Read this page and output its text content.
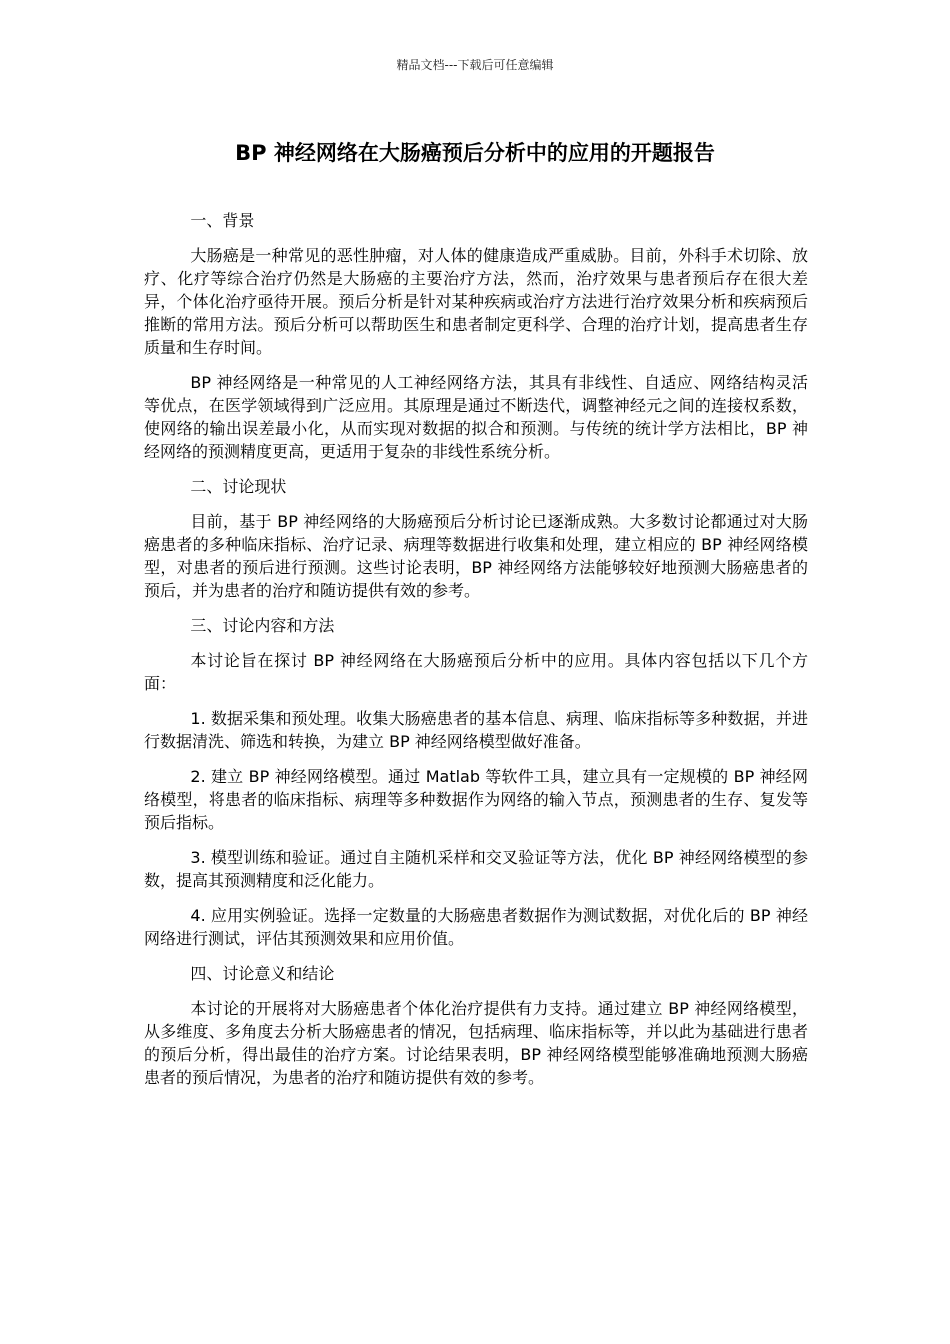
精品文档---下载后可任意编辑
BP 神经网络在大肠癌预后分析中的应用的开题报告
一、背景

大肠癌是一种常见的恶性肿瘤，对人体的健康造成严重威胁。目前，外科手术切除、放疗、化疗等综合治疗仍然是大肠癌的主要治疗方法，然而，治疗效果与患者预后存在很大差异，个体化治疗亟待开展。预后分析是针对某种疾病或治疗方法进行治疗效果分析和疾病预后推断的常用方法。预后分析可以帮助医生和患者制定更科学、合理的治疗计划，提高患者生存质量和生存时间。

BP 神经网络是一种常见的人工神经网络方法，其具有非线性、自适应、网络结构灵活等优点，在医学领域得到广泛应用。其原理是通过不断迭代，调整神经元之间的连接权系数，使网络的输出误差最小化，从而实现对数据的拟合和预测。与传统的统计学方法相比，BP 神经网络的预测精度更高，更适用于复杂的非线性系统分析。

二、讨论现状

目前，基于 BP 神经网络的大肠癌预后分析讨论已逐渐成熟。大多数讨论都通过对大肠癌患者的多种临床指标、治疗记录、病理等数据进行收集和处理，建立相应的 BP 神经网络模型，对患者的预后进行预测。这些讨论表明，BP 神经网络方法能够较好地预测大肠癌患者的预后，并为患者的治疗和随访提供有效的参考。

三、讨论内容和方法

本讨论旨在探讨 BP 神经网络在大肠癌预后分析中的应用。具体内容包括以下几个方面：

1. 数据采集和预处理。收集大肠癌患者的基本信息、病理、临床指标等多种数据，并进行数据清洗、筛选和转换，为建立 BP 神经网络模型做好准备。

2. 建立 BP 神经网络模型。通过 Matlab 等软件工具，建立具有一定规模的 BP 神经网络模型，将患者的临床指标、病理等多种数据作为网络的输入节点，预测患者的生存、复发等预后指标。

3. 模型训练和验证。通过自主随机采样和交叉验证等方法，优化 BP 神经网络模型的参数，提高其预测精度和泛化能力。

4. 应用实例验证。选择一定数量的大肠癌患者数据作为测试数据，对优化后的 BP 神经网络进行测试，评估其预测效果和应用价值。

四、讨论意义和结论

本讨论的开展将对大肠癌患者个体化治疗提供有力支持。通过建立 BP 神经网络模型，从多维度、多角度去分析大肠癌患者的情况，包括病理、临床指标等，并以此为基础进行患者的预后分析，得出最佳的治疗方案。讨论结果表明，BP 神经网络模型能够准确地预测大肠癌患者的预后情况，为患者的治疗和随访提供有效的参考。
